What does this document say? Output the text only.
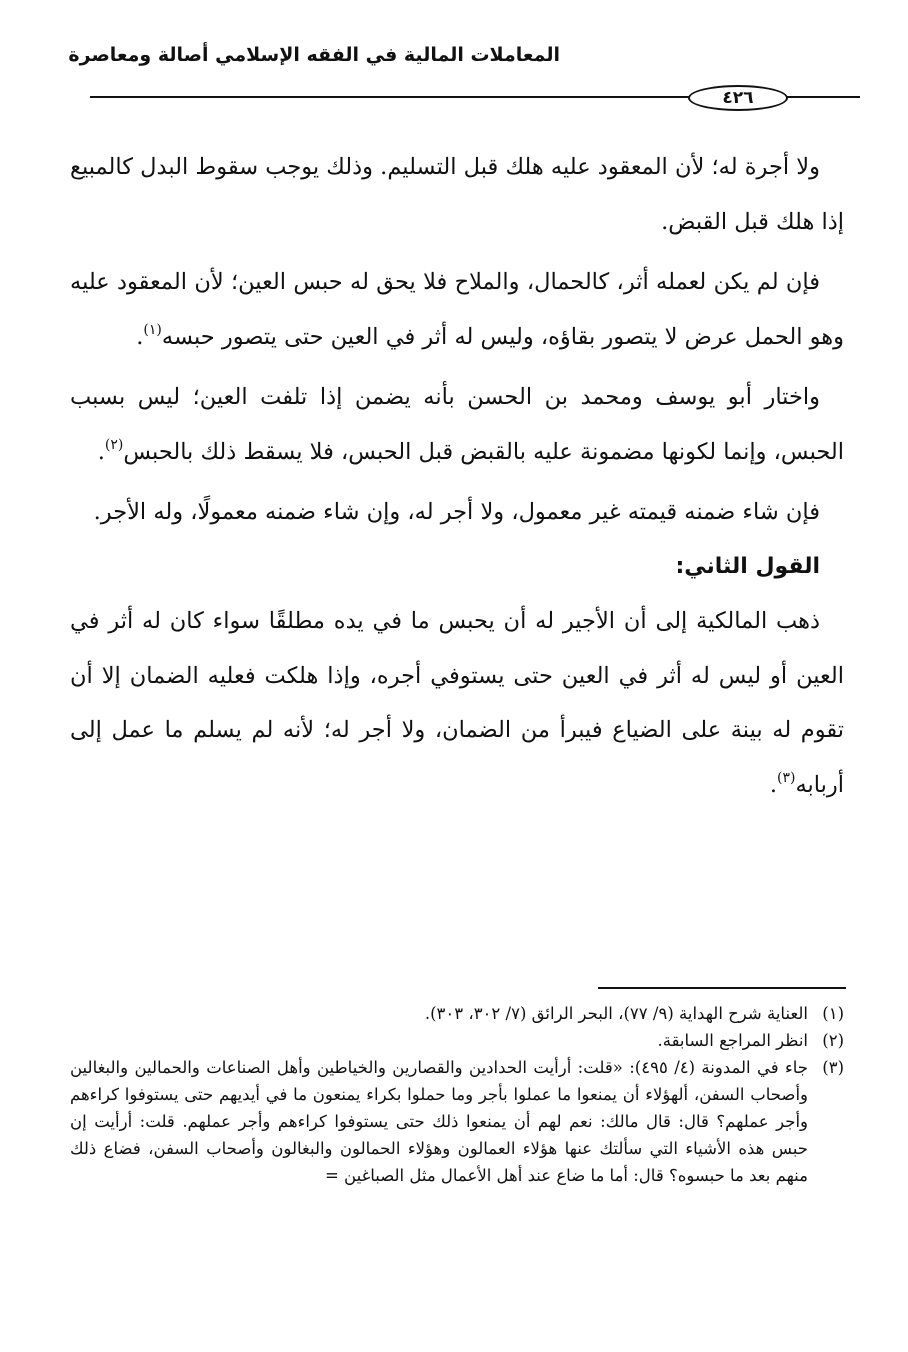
المعاملات المالية في الفقه الإسلامي أصالة ومعاصرة
٤٢٦

ولا أجرة له؛ لأن المعقود عليه هلك قبل التسليم. وذلك يوجب سقوط البدل كالمبيع إذا هلك قبل القبض.

فإن لم يكن لعمله أثر، كالحمال، والملاح فلا يحق له حبس العين؛ لأن المعقود عليه وهو الحمل عرض لا يتصور بقاؤه، وليس له أثر في العين حتى يتصور حبسه$^{(١)}$.

واختار أبو يوسف ومحمد بن الحسن بأنه يضمن إذا تلفت العين؛ ليس بسبب الحبس، وإنما لكونها مضمونة عليه بالقبض قبل الحبس، فلا يسقط ذلك بالحبس$^{(٢)}$.

فإن شاء ضمنه قيمته غير معمول، ولا أجر له، وإن شاء ضمنه معمولًا، وله الأجر.

القول الثاني:

ذهب المالكية إلى أن الأجير له أن يحبس ما في يده مطلقًا سواء كان له أثر في العين أو ليس له أثر في العين حتى يستوفي أجره، وإذا هلكت فعليه الضمان إلا أن تقوم له بينة على الضياع فيبرأ من الضمان، ولا أجر له؛ لأنه لم يسلم ما عمل إلى أربابه$^{(٣)}$.

(١)
العناية شرح الهداية (٩/ ٧٧)، البحر الرائق (٧/ ٣٠٢، ٣٠٣).
(٢)
انظر المراجع السابقة.
(٣)
جاء في المدونة (٤/ ٤٩٥): «قلت: أرأيت الحدادين والقصارين والخياطين وأهل الصناعات والحمالين والبغالين وأصحاب السفن، ألهؤلاء أن يمنعوا ما عملوا بأجر وما حملوا بكراء يمنعون ما في أيديهم حتى يستوفوا كراءهم وأجر عملهم؟ قال: قال مالك: نعم لهم أن يمنعوا ذلك حتى يستوفوا كراءهم وأجر عملهم. قلت: أرأيت إن حبس هذه الأشياء التي سألتك عنها هؤلاء العمالون وهؤلاء الحمالون والبغالون وأصحاب السفن، فضاع ذلك منهم بعد ما حبسوه؟ قال: أما ما ضاع عند أهل الأعمال مثل الصباغين =
